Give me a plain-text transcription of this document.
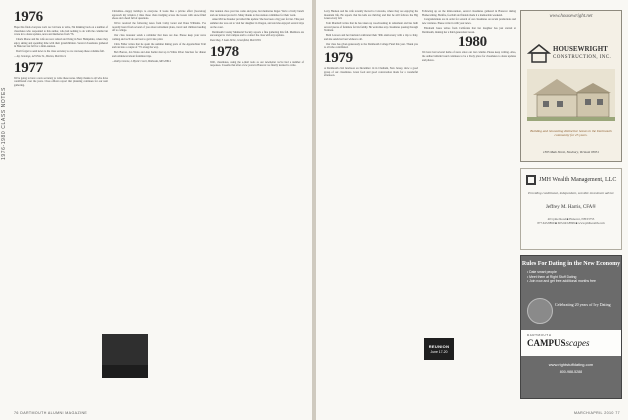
1976-1980 CLASS NOTES
1976

Hope this finds everyone well. As I sit here to write, I'm thinking back on a number of classmates who responded to this author, who had nothing to do with the column but wrote in to share updates, news and memories from '76.

Chuck Morse and his wife are now retired and living in New Hampshire, where they enjoy skiing and spending time with their grandchildren. Several classmates gathered in Hanover last fall for a mini-reunion.

Don't forget to send news to the class secretary so we can keep these columns full.

—Jay Jennings, 445 Pine St., Boston, MA 02114
1977

We're going to have a new secretary to write these notes. Many thanks to all who have contributed over the years. Class officers report that planning continues for our next gathering.

Christmas—happy holidays to everyone. It looks like a private effort (bootstrap) approach my window. I miss those chats trudging across the Green with snow-filled shoes and a head full of questions.

We've received the following notes from Cathy Grant and Dana Williams. I've recently heard from several of you about retirement plans, travel and children heading off to college.

Our class treasurer sends a reminder that dues are due. Please keep your news coming and we'll do our best to get it into print.

Chris Fuller writes that he spent the summer hiking parts of the Appalachian Trail and ran into a couple of '77s along the way.

Bob Barron, Jon Weiss and Ann Keller met up in White River Junction for dinner and reminisced about freshman trips.

—Kathy Greene, 2 Mystic Court, Bethesda, MD 20814

Our reunion class year has come and gone, but memories linger. We're a lively bunch and our turnout proved it. Many thanks to the reunion committee for their work.

Anne McCue Kussler provided this update: She has been a big year for her. This past summer she was out to visit her daughter in Oregon, and said she enjoyed several days on the coast.

Dartmouth County Memorial Society reports a fine gathering this fall. Members are encouraged to visit campus and to contact the class with any updates.

Dave Ray, 5 Lake Drive, Greenfield, MA 01301
1978

Well, classmates, using the e-mail tools as our newsletter we've had a number of responses. It seems that after a few years in Hanover we finally learned to write.

76 DARTMOUTH ALUMNI MAGAZINE

Larry Hudson and his wife recently moved to Colorado, where they are enjoying the mountain life. He reports that his kids are thriving and that he still follows the Big Green every fall.

Tom Marshall writes that he has taken up woodworking in retirement and has built several pieces of furniture for his family. He welcomes any classmates passing through Vermont.

Beth Lawson and her husband celebrated their 30th anniversary with a trip to Italy, and she sends her best wishes to all.

Our class has given generously to the Dartmouth College Fund this year. Thank you to all who contributed.

1979

A Dartmouth club luncheon on December 14 in Chatham, New Jersey, drew a good group of our classmates. Great food and good conversation made for a wonderful afternoon.

Following up on the mini-reunion, several classmates gathered in Hanover during Homecoming. Bonfire, football and friends made it a memorable weekend.

Congratulations are in order for several of our classmates on recent promotions and new ventures. Please write in with your news.

Elizabeth Jones writes from California that her daughter has just started at Dartmouth, making her a third-generation Green.

1980

We have had several items of news since our last column. Please keep writing. Also, the online bulletin board continues to be a lively place for classmates to share updates and photos.

MARCH/APRIL 2010 77
REUNION
June 17-20
www.housewright.net
HOUSEWRIGHT
CONSTRUCTION, INC.
Building and renovating distinctive homes in the Dartmouth community for 25 years.
1365 Main Street, Newbury, Vermont 05051
JMH Wealth Management, LLC
Providing conditional, independent, sensible investment advice
Jeffrey M. Harris, CFA®
40 Lyme Road ■ Hanover, NH 03755
877.643.8899 ■ 603.643.8899 ■ www.jmhwealth.com
Rules For Dating in the New Economy
• Date smart people
• Meet them at Right Stuff Dating
• Join now and get free additional months free
Celebrating 20 years of Ivy Dating
DARTMOUTH
CAMPUSscapes
www.rightstuffdating.com
800-988-5288
